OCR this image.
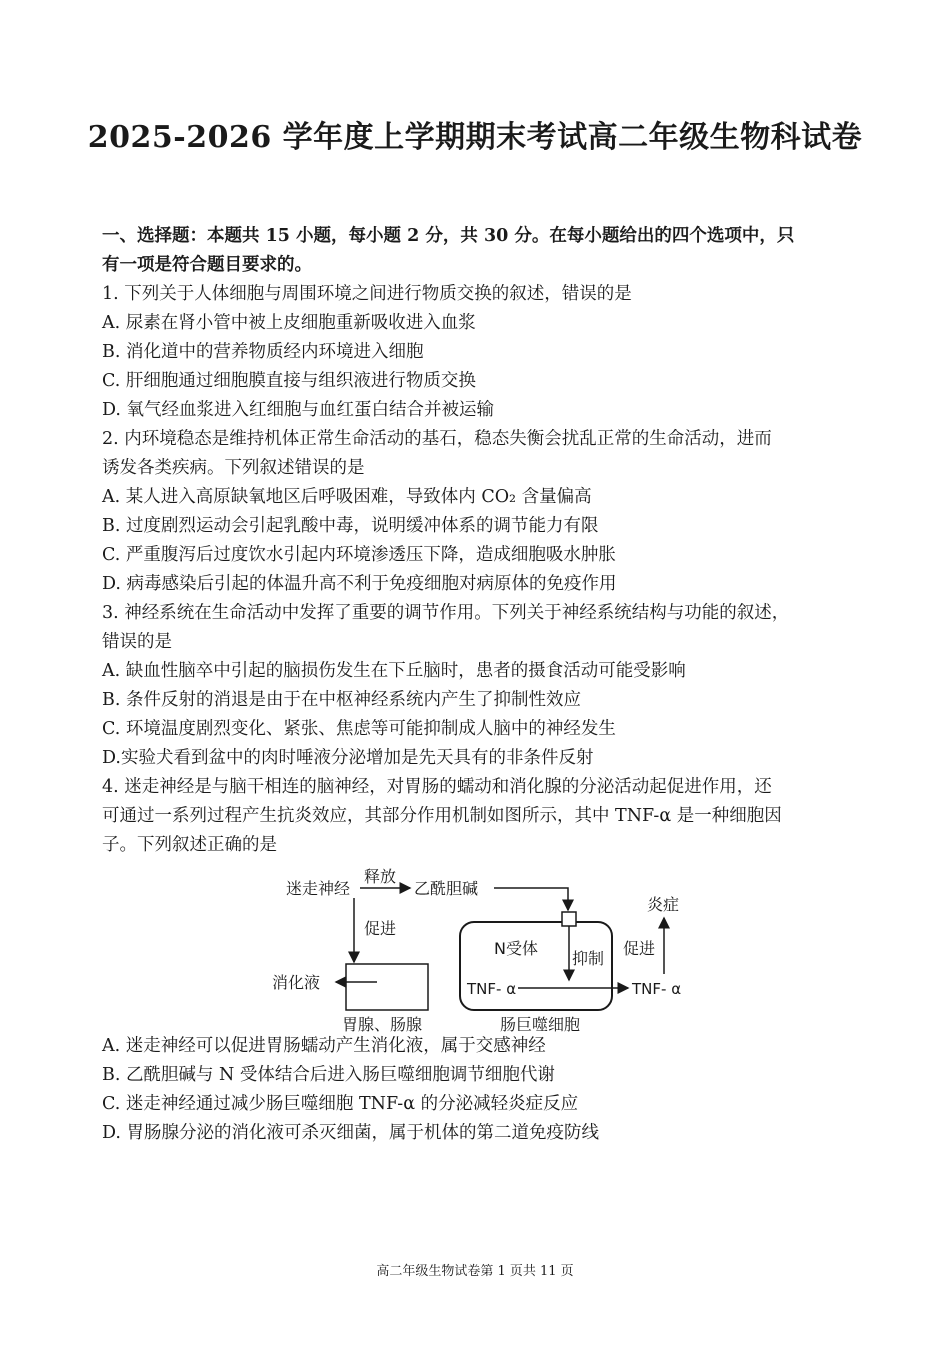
2025-2026 学年度上学期期末考试高二年级生物科试卷
一、选择题：本题共 15 小题，每小题 2 分，共 30 分。在每小题给出的四个选项中，只
有一项是符合题目要求的。
1. 下列关于人体细胞与周围环境之间进行物质交换的叙述，错误的是
A. 尿素在肾小管中被上皮细胞重新吸收进入血浆
B. 消化道中的营养物质经内环境进入细胞
C. 肝细胞通过细胞膜直接与组织液进行物质交换
D. 氧气经血浆进入红细胞与血红蛋白结合并被运输
2. 内环境稳态是维持机体正常生命活动的基石，稳态失衡会扰乱正常的生命活动，进而
诱发各类疾病。下列叙述错误的是
A. 某人进入高原缺氧地区后呼吸困难，导致体内 CO₂ 含量偏高
B. 过度剧烈运动会引起乳酸中毒，说明缓冲体系的调节能力有限
C. 严重腹泻后过度饮水引起内环境渗透压下降，造成细胞吸水肿胀
D. 病毒感染后引起的体温升高不利于免疫细胞对病原体的免疫作用
3. 神经系统在生命活动中发挥了重要的调节作用。下列关于神经系统结构与功能的叙述，
错误的是
A. 缺血性脑卒中引起的脑损伤发生在下丘脑时，患者的摄食活动可能受影响
B. 条件反射的消退是由于在中枢神经系统内产生了抑制性效应
C. 环境温度剧烈变化、紧张、焦虑等可能抑制成人脑中的神经发生
D.实验犬看到盆中的肉时唾液分泌增加是先天具有的非条件反射
4. 迷走神经是与脑干相连的脑神经，对胃肠的蠕动和消化腺的分泌活动起促进作用，还
可通过一系列过程产生抗炎效应，其部分作用机制如图所示，其中 TNF-α 是一种细胞因
子。下列叙述正确的是
迷走神经
释放
乙酰胆碱
促进
消化液
胃腺、肠腺
N受体
抑制
TNF- α	TNF- α
促进
炎症
肠巨噬细胞
A. 迷走神经可以促进胃肠蠕动产生消化液，属于交感神经
B. 乙酰胆碱与 N 受体结合后进入肠巨噬细胞调节细胞代谢
C. 迷走神经通过减少肠巨噬细胞 TNF-α 的分泌减轻炎症反应
D. 胃肠腺分泌的消化液可杀灭细菌，属于机体的第二道免疫防线
高二年级生物试卷第 1 页共 11 页
